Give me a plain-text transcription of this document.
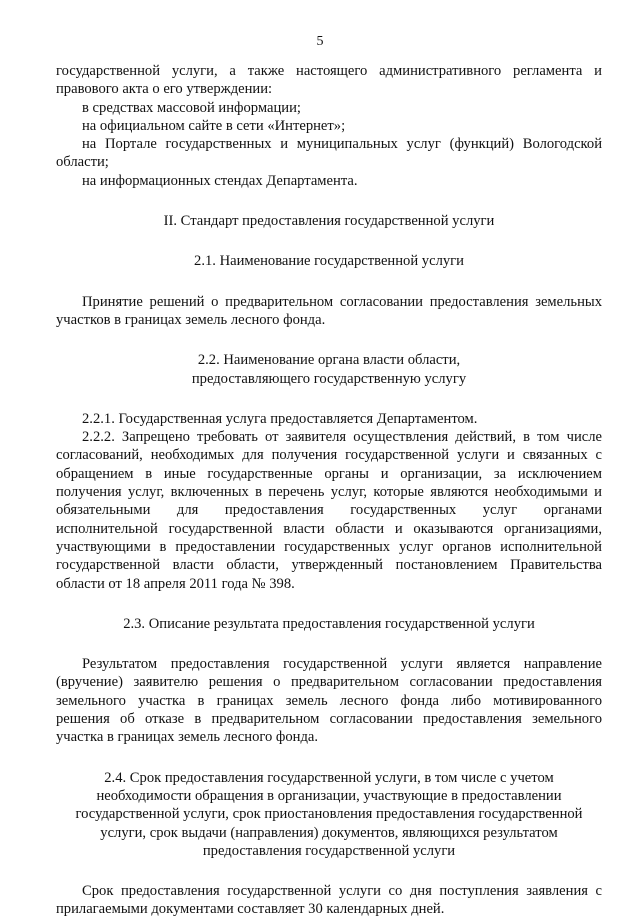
5

государственной услуги, а также настоящего административного регламента и

правового акта о его утверждении:

в средствах массовой информации;

на официальном сайте в сети «Интернет»;

на Портале государственных и муниципальных услуг (функций) Вологодской

области;

на информационных стендах Департамента.

II. Стандарт предоставления государственной услуги

2.1. Наименование государственной услуги

Принятие решений о предварительном согласовании предоставления земельных

участков в границах земель лесного фонда.

2.2. Наименование органа власти области,

предоставляющего государственную услугу

2.2.1. Государственная услуга предоставляется Департаментом.

2.2.2. Запрещено требовать от заявителя осуществления действий, в том числе

согласований, необходимых для получения государственной услуги и связанных с

обращением в иные государственные органы и организации, за исключением

получения услуг, включенных в перечень услуг, которые являются необходимыми и

обязательными для предоставления государственных услуг органами

исполнительной государственной власти области и оказываются организациями,

участвующими в предоставлении государственных услуг органов исполнительной

государственной власти области, утвержденный постановлением Правительства

области от 18 апреля 2011 года № 398.

2.3. Описание результата предоставления государственной услуги

Результатом предоставления государственной услуги является направление

(вручение) заявителю решения о предварительном согласовании предоставления

земельного участка в границах земель лесного фонда либо мотивированного

решения об отказе в предварительном согласовании предоставления земельного

участка в границах земель лесного фонда.

2.4. Срок предоставления государственной услуги, в том числе с учетом

необходимости обращения в организации, участвующие в предоставлении

государственной услуги, срок приостановления предоставления государственной

услуги, срок выдачи (направления) документов, являющихся результатом

предоставления государственной услуги

Срок предоставления государственной услуги со дня поступления заявления с

прилагаемыми документами составляет 30 календарных дней.
